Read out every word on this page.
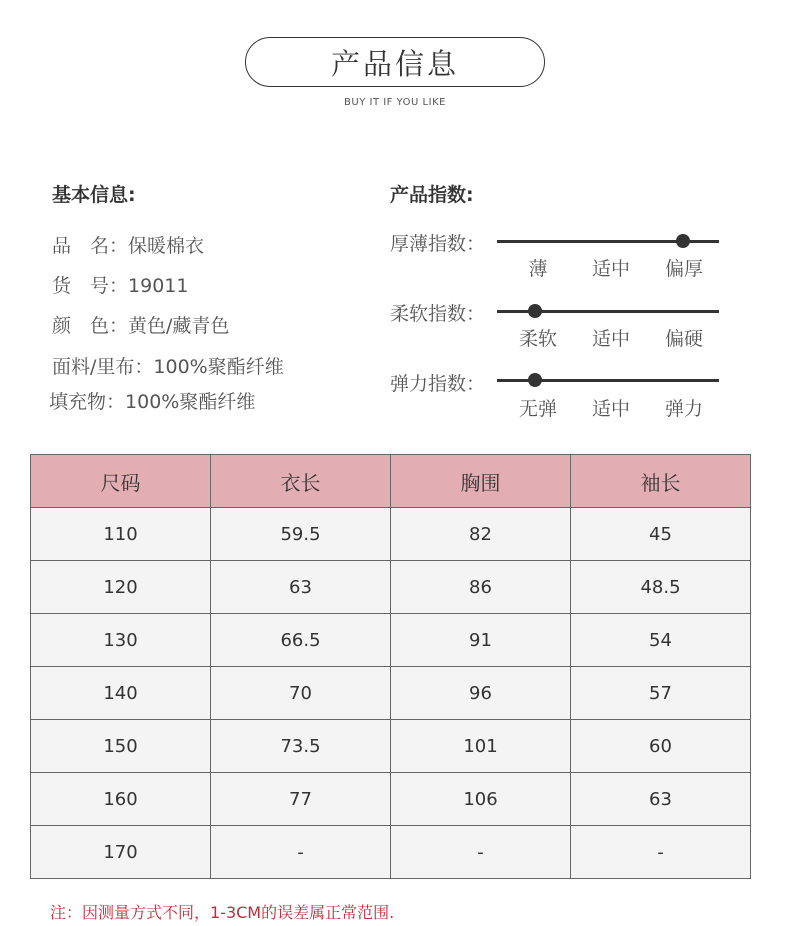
产品信息
BUY IT IF YOU LIKE
基本信息:
品　名：保暖棉衣
货　号：19011
颜　色：黄色/藏青色
面料/里布：100%聚酯纤维
填充物：100%聚酯纤维
产品指数:
厚薄指数：
薄	适中	偏厚
柔软指数：
柔软	适中	偏硬
弹力指数：
无弹	适中	弹力
尺码	衣长	胸围	袖长
110	59.5	82	45
120	63	86	48.5
130	66.5	91	54
140	70	96	57
150	73.5	101	60
160	77	106	63
170	-	-	-
注：因测量方式不同，1-3CM的误差属正常范围.
